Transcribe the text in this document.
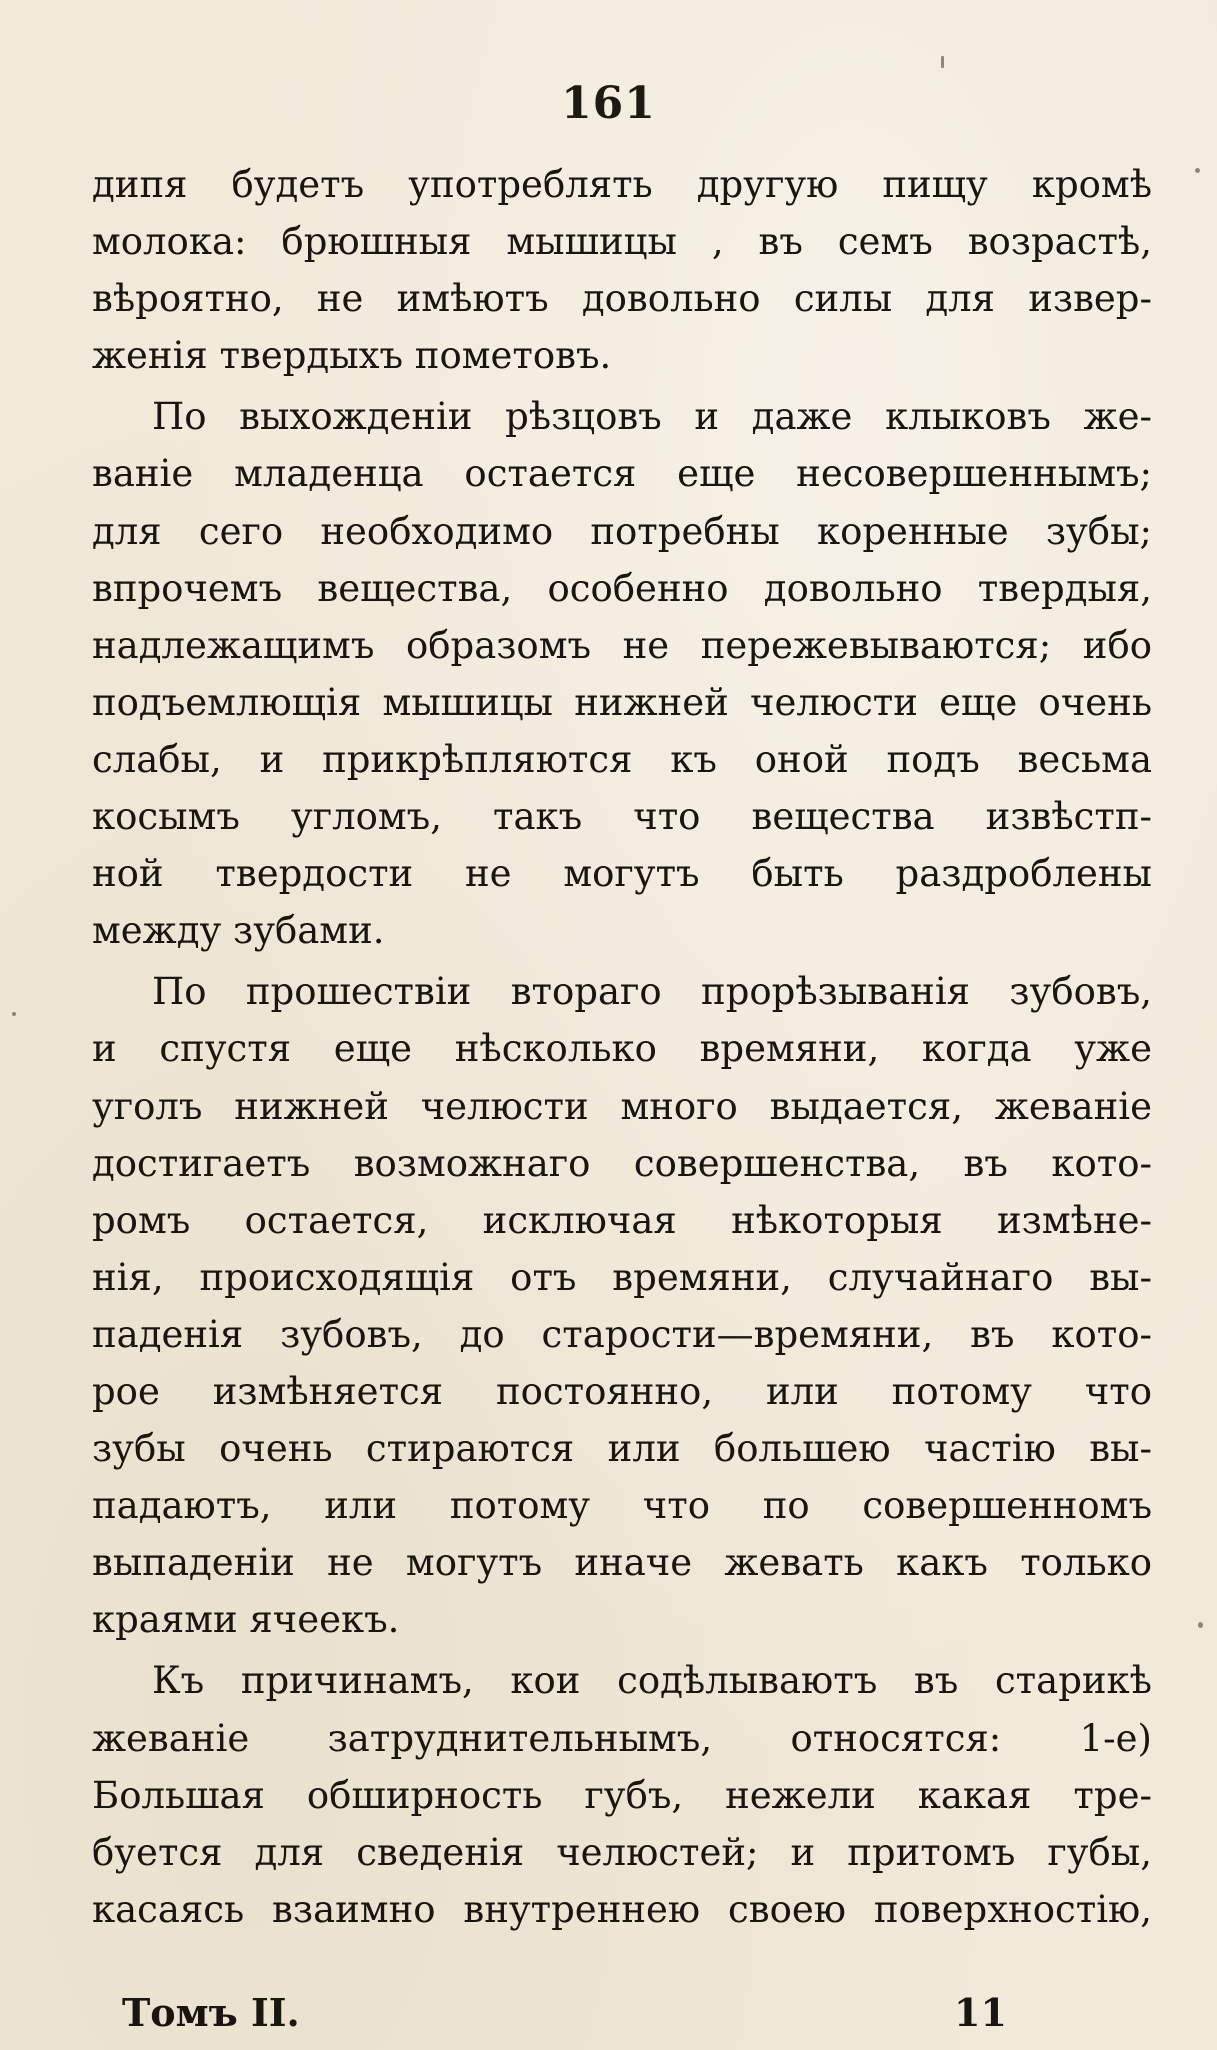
161
дипя будетъ употреблять другую пищу кромѣ
молока: брюшныя мышицы , въ семъ возрастѣ,
вѣроятно, не имѣютъ довольно силы для извер-
женія твердыхъ пометовъ.
По выхожденіи рѣзцовъ и даже клыковъ же-
ваніе младенца остается еще несовершеннымъ;
для сего необходимо потребны коренные зубы;
впрочемъ вещества, особенно довольно твердыя,
надлежащимъ образомъ не пережевываются; ибо
подъемлющія мышицы нижней челюсти еще очень
слабы, и прикрѣпляются къ оной подъ весьма
косымъ угломъ, такъ что вещества извѣстп-
ной твердости не могутъ быть раздроблены
между зубами.
По прошествіи втораго прорѣзыванія зубовъ,
и спустя еще нѣсколько времяни, когда уже
уголъ нижней челюсти много выдается, жеваніе
достигаетъ возможнаго совершенства, въ кото-
ромъ остается, исключая нѣкоторыя измѣне-
нія, происходящія отъ времяни, случайнаго вы-
паденія зубовъ, до старости—времяни, въ кото-
рое измѣняется постоянно, или потому что
зубы очень стираются или большею частію вы-
падаютъ, или потому что по совершенномъ
выпаденіи не могутъ иначе жевать какъ только
краями ячеекъ.
Къ причинамъ, кои содѣлываютъ въ старикѣ
жеваніе затруднительнымъ, относятся: 1-е)
Большая обширность губъ, нежели какая тре-
буется для сведенія челюстей; и притомъ губы,
касаясь взаимно внутреннею своею поверхностію,
Томъ II.	11
